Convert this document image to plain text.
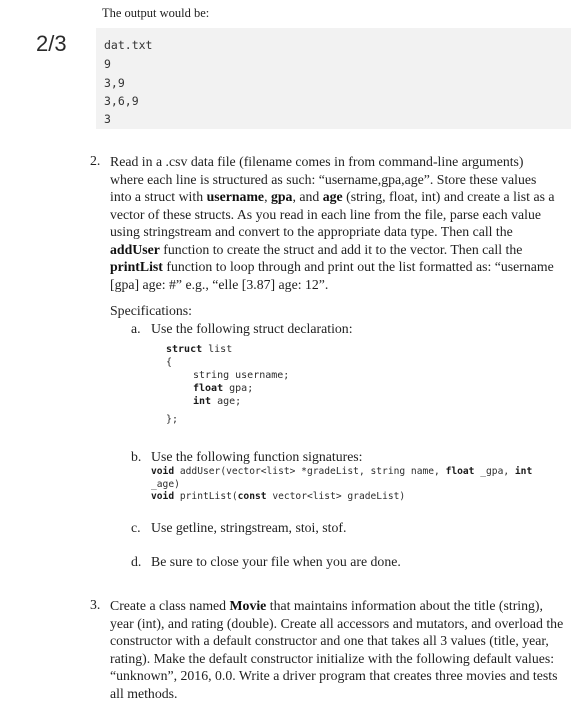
2/3
The output would be:
dat.txt
9
3,9
3,6,9
3
2. Read in a .csv data file (filename comes in from command-line arguments) where each line is structured as such: “username,gpa,age”. Store these values into a struct with username, gpa, and age (string, float, int) and create a list as a vector of these structs. As you read in each line from the file, parse each value using stringstream and convert to the appropriate data type. Then call the addUser function to create the struct and add it to the vector. Then call the printList function to loop through and print out the list formatted as: “username [gpa] age: #” e.g., “elle [3.87] age: 12”.
Specifications:
a. Use the following struct declaration:
struct list
{
string username;
float gpa;
int age;
};
b. Use the following function signatures:
void addUser(vector<list> *gradeList, string name, float _gpa, int
_age)
void printList(const vector<list> gradeList)
c. Use getline, stringstream, stoi, stof.
d. Be sure to close your file when you are done.
3. Create a class named Movie that maintains information about the title (string), year (int), and rating (double). Create all accessors and mutators, and overload the constructor with a default constructor and one that takes all 3 values (title, year, rating). Make the default constructor initialize with the following default values: “unknown”, 2016, 0.0. Write a driver program that creates three movies and tests all methods.
